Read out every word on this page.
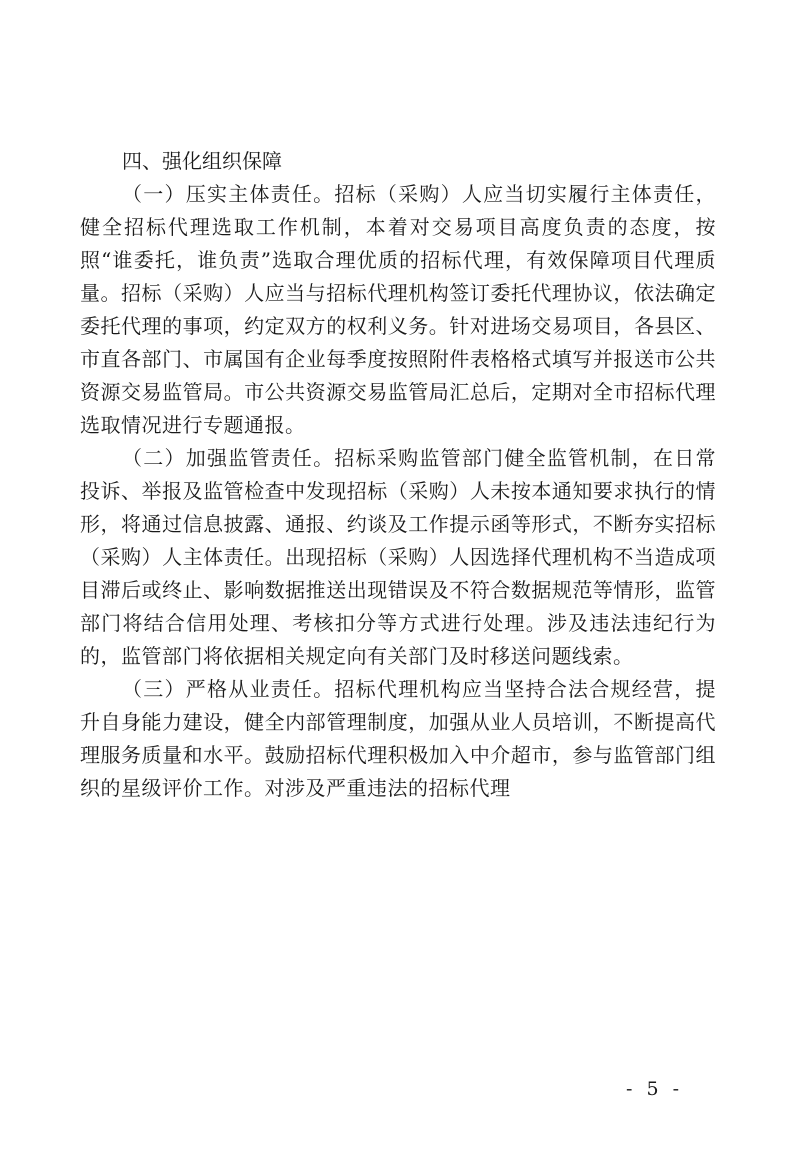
四、强化组织保障

（一）压实主体责任。招标（采购）人应当切实履行主体责任，健全招标代理选取工作机制，本着对交易项目高度负责的态度，按照“谁委托，谁负责”选取合理优质的招标代理，有效保障项目代理质量。招标（采购）人应当与招标代理机构签订委托代理协议，依法确定委托代理的事项，约定双方的权利义务。针对进场交易项目，各县区、市直各部门、市属国有企业每季度按照附件表格格式填写并报送市公共资源交易监管局。市公共资源交易监管局汇总后，定期对全市招标代理选取情况进行专题通报。

（二）加强监管责任。招标采购监管部门健全监管机制，在日常投诉、举报及监管检查中发现招标（采购）人未按本通知要求执行的情形，将通过信息披露、通报、约谈及工作提示函等形式，不断夯实招标（采购）人主体责任。出现招标（采购）人因选择代理机构不当造成项目滞后或终止、影响数据推送出现错误及不符合数据规范等情形，监管部门将结合信用处理、考核扣分等方式进行处理。涉及违法违纪行为的，监管部门将依据相关规定向有关部门及时移送问题线索。

（三）严格从业责任。招标代理机构应当坚持合法合规经营，提升自身能力建设，健全内部管理制度，加强从业人员培训，不断提高代理服务质量和水平。鼓励招标代理积极加入中介超市，参与监管部门组织的星级评价工作。对涉及严重违法的招标代理

- 5 -
